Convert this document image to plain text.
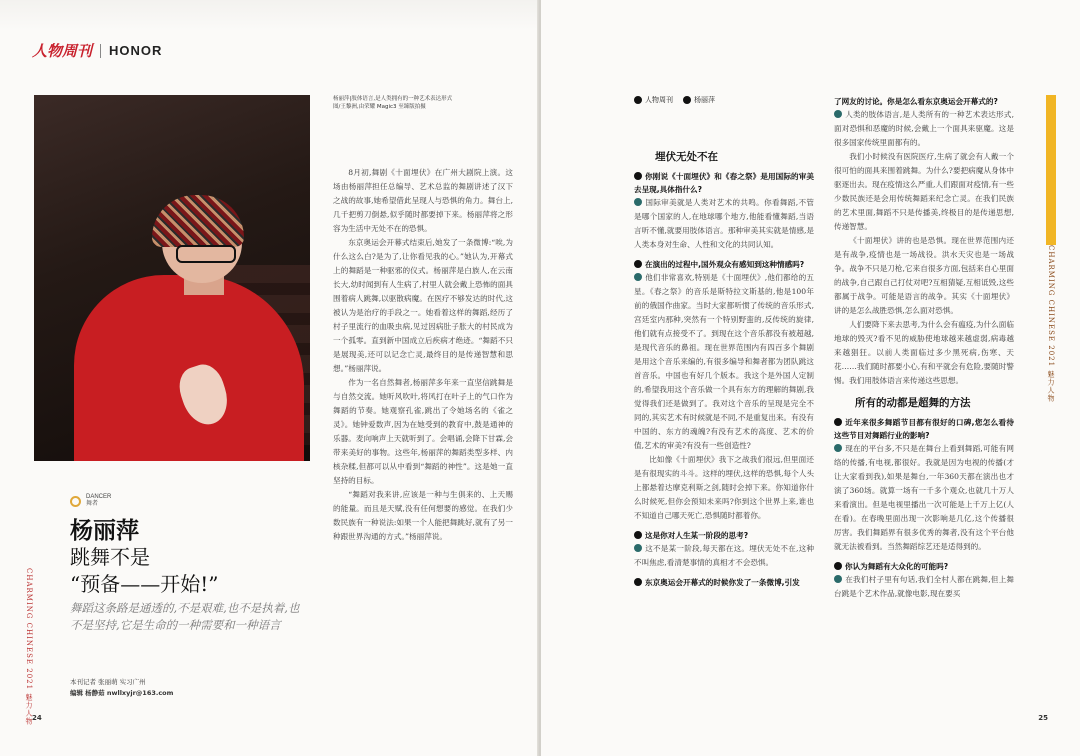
人物周刊 HONOR
DANCER
舞者
CHARMING CHINESE 2021 魅力人物
杨丽萍
跳舞不是
“预备——开始!”
舞蹈这条路是通透的,不是艰难,也不是执着,也不是坚持,它是生命的一种需要和一种语言
本刊记者 张丽萌 实习广州
编辑 杨静茹 nwllxyjr@163.com
杨丽萍|肢体语言,是人类拥有的一种艺术表达形式
图/王黎洲,由荣耀 Magic3 至臻版拍摄

8月初,舞剧《十面埋伏》在广州大剧院上演。这场由杨丽萍担任总编导、艺术总监的舞剧讲述了汉下之战的故事,她希望借此呈现人与恐惧的角力。舞台上,几千把剪刀倒悬,似乎随时都要掉下来。杨丽萍将之形容为生活中无处不在的恐惧。

东京奥运会开幕式结束后,她发了一条微博:“唉,为什么这么白?是为了,让你看见我的心。”她认为,开幕式上的舞蹈是一种驱邪的仪式。杨丽萍是白族人,在云南长大,幼时闻到有人生病了,村里人就会戴上恐怖的面具围着病人跳舞,以驱散病魔。在医疗不够发达的时代,这被认为是治疗的手段之一。她看着这样的舞蹈,经历了村子里流行的血吸虫病,见过因病肚子胀大的村民成为一个孤零。直到新中国成立后疾病才绝迹。“舞蹈不只是展现美,还可以记念亡灵,最终目的是传递智慧和思想。”杨丽萍说。

作为一名自然舞者,杨丽萍多年来一直坚信跳舞是与自然交流。她听风吹叶,将风打在叶子上的气口作为舞蹈的节奏。她观察孔雀,跳出了令她场名的《雀之灵》。她钟爱数声,因为在她受到的教育中,鼓是通神的乐器。麦向响声上天就听到了。会唱诵,会降下甘霖,会带来美好的事物。这些年,杨丽萍的舞蹈类型多样、内核杂糅,但都可以从中看到“舞蹈的神性”。这是她一直坚持的目标。

“舞蹈对我来讲,应该是一种与生俱来的、上天赐的能量。而且是天赋,没有任何想要的感觉。在我们少数民族有一种说法:如果一个人能把舞跳好,就有了另一种跟世界沟通的方式。”杨丽萍说。

24
人物周刊	杨丽萍

埋伏无处不在

你刚说《十面埋伏》和《春之祭》是用国际的审美去呈现,具体指什么?

国际审美就是人类对艺术的共鸣。你看舞蹈,不管是哪个国家的人,在地球哪个地方,他能看懂舞蹈,当语言听不懂,就要用肢体语言。那种审美其实就是情感,是人类本身对生命、人性和文化的共同认知。

在演出的过程中,国外观众有感知到这种情感吗?

他们非常喜欢,特别是《十面埋伏》,他们都给的五星。《春之祭》的音乐是斯特拉文斯基的,他是100年前的俄国作曲家。当时大家都听惯了传统的音乐形式,宫廷室内那种,突然有一个特别野蛮的,反传统的旋律,他们就有点接受不了。到现在这个音乐都没有被超越,是现代音乐的鼻祖。现在世界范围内有四百多个舞剧是用这个音乐来编的,有很多编导和舞者都为团队跳这首音乐。中国也有好几个版本。我这个是外国人定制的,希望我用这个音乐做一个具有东方的理解的舞剧,我觉得我们还是做到了。我对这个音乐的呈现是完全不同的,其实艺术有时候就是不同,不是重复出来。有没有中国的、东方的魂魄?有没有艺术的高度、艺术的价值,艺术的审美?有没有一些创造性?

比如像《十面埋伏》我下之战我们很远,但里面还是有很现实的斗斗。这样的埋伏,这样的恐惧,每个人头上都悬着达摩克利斯之剑,随时会掉下来。你知道你什么时候死,但你会预知未来吗?你到这个世界上来,谁也不知道自己哪天死亡,恐惧随时都着你。

这是你对人生某一阶段的思考?

这不是某一阶段,每天都在这。埋伏无处不在,这种不叫焦虑,看清楚事情的真相才不会恐惧。

东京奥运会开幕式的时候你发了一条微博,引发

了网友的讨论。你是怎么看东京奥运会开幕式的?

人类的肢体语言,是人类所有的一种艺术表达形式,面对恐惧和恶魔的时候,会戴上一个面具来驱魔。这是很多国家传统里面都有的。

我们小时候没有医院医疗,生病了就会有人戴一个很可怕的面具来围着跳舞。为什么?要把病魔从身体中驱逐出去。现在疫情这么严重,人们跟面对疫情,有一些少数民族还是会用传统舞蹈来纪念亡灵。在我们民族的艺术里面,舞蹈不只是传播美,终极目的是传递思想,传递智慧。

《十面埋伏》讲的也是恐惧。现在世界范围内还是有战争,疫情也是一场战役。洪水天灾也是一场战争。战争不只是刀枪,它来自很多方面,包括来自心里面的战争,自己跟自己打仗对吧?互相猜疑,互相诋毁,这些都属于战争。可能是语言的战争。其实《十面埋伏》讲的是怎么战胜恐惧,怎么面对恐惧。

人们要降下来去思考,为什么会有瘟疫,为什么面临地球的毁灭?看不见的威胁使地球越来越虚弱,病毒越来越猖狂。以前人类面临过多少黑死病,伤寒、天花……我们随时都要小心,有和平就会有危险,要随时警惕。我们用肢体语言来传递这些思想。

所有的动都是超舞的方法

近年来很多舞蹈节目都有很好的口碑,您怎么看待这些节目对舞蹈行业的影响?

现在的平台多,不只是在舞台上看到舞蹈,可能有网络的传播,有电视,都很好。我就是因为电视的传播(才让大家看到我),如果是舞台,一年360天都在演出也才演了360场。就算一场有一千多个观众,也就几十万人来看演出。但是电视里播出一次可能是上千万上亿(人在看)。在春晚里面出现一次影响是几亿,这个传播很厉害。我们舞蹈界有很多优秀的舞者,没有这个平台他就无法被看到。当然舞蹈综艺还是适得到的。

你认为舞蹈有大众化的可能吗?

在我们村子里有句话,我们全村人都在跳舞,但上舞台跳是个艺术作品,就像电影,现在要买

CHARMING CHINESE 2021 魅力人物
25
